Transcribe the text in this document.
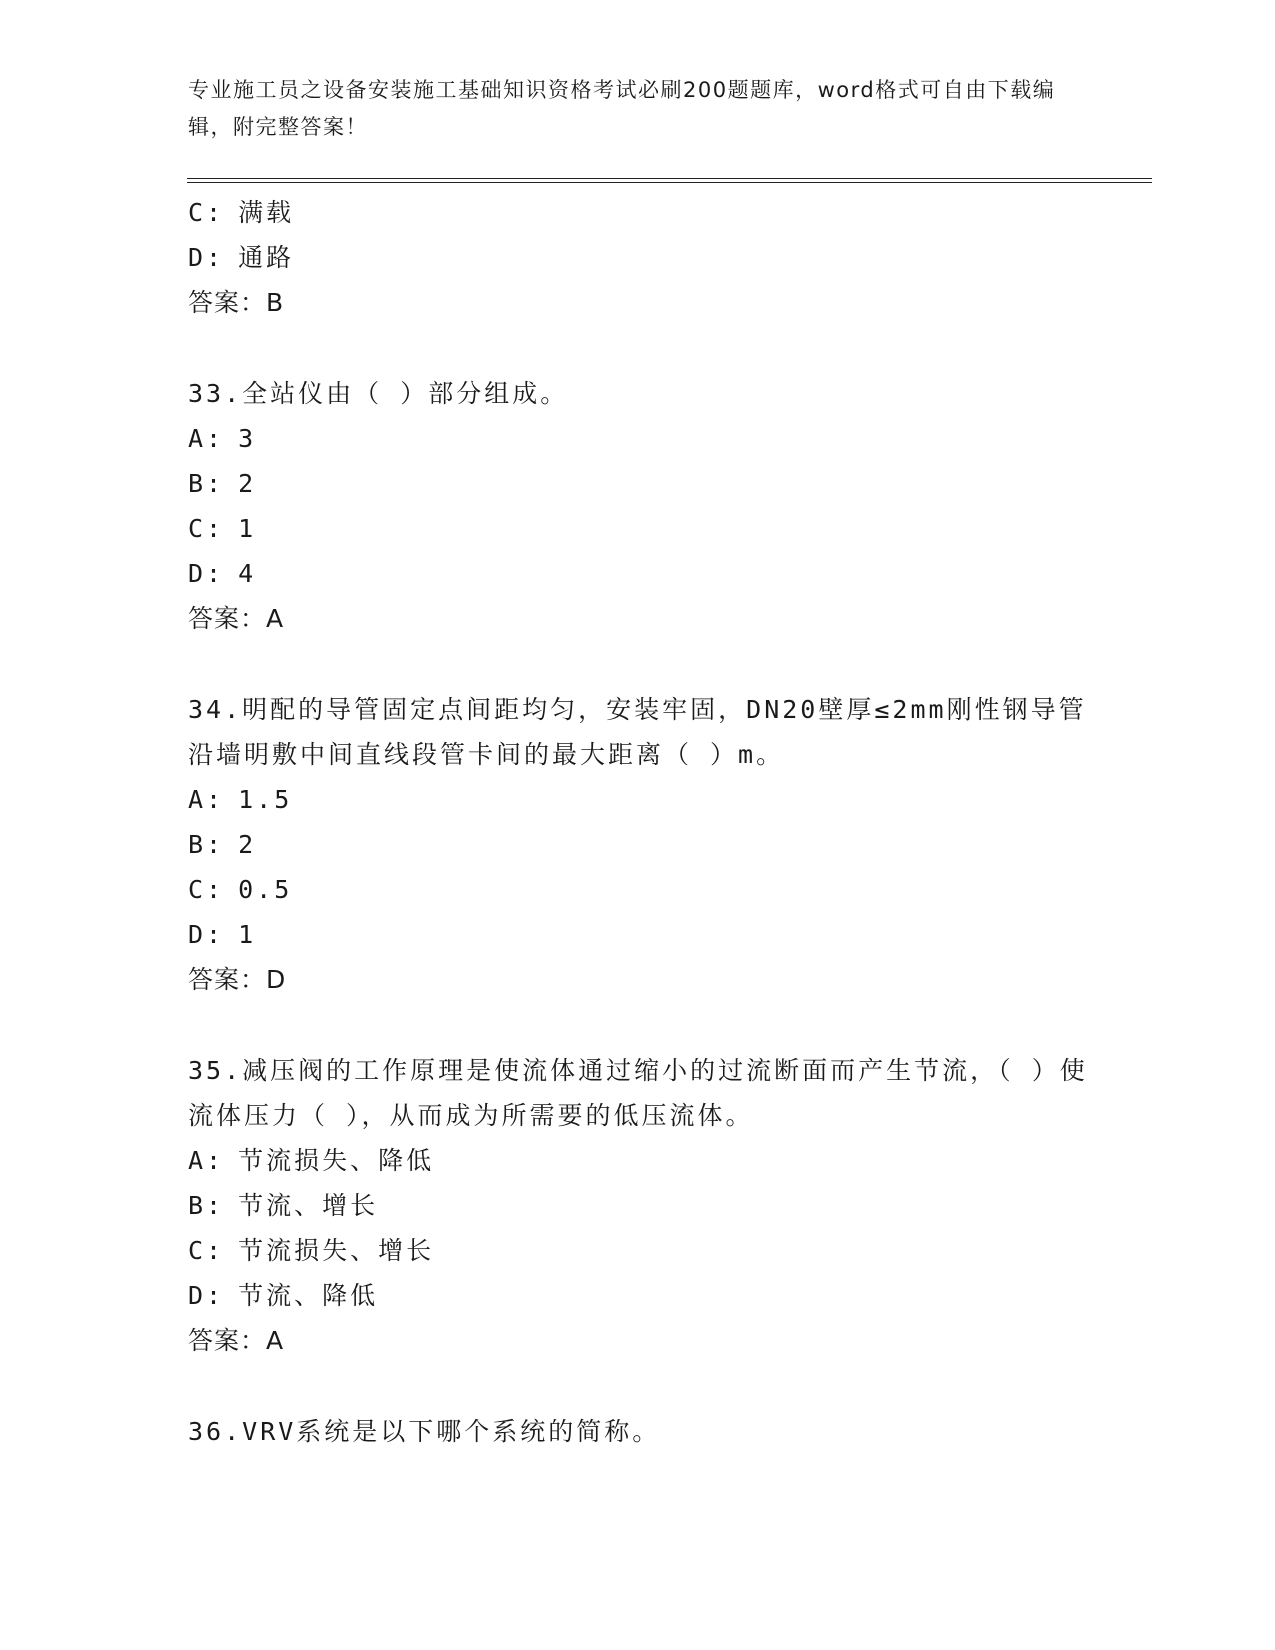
专业施工员之设备安装施工基础知识资格考试必刷200题题库，word格式可自由下载编辑，附完整答案！
C: 满载
D: 通路
答案：B
33.全站仪由（ ）部分组成。
A: 3
B: 2
C: 1
D: 4
答案：A
34.明配的导管固定点间距均匀，安装牢固，DN20壁厚≤2mm刚性钢导管沿墙明敷中间直线段管卡间的最大距离（ ）m。
A: 1.5
B: 2
C: 0.5
D: 1
答案：D
35.减压阀的工作原理是使流体通过缩小的过流断面而产生节流，（ ）使流体压力（ ），从而成为所需要的低压流体。
A: 节流损失、降低
B: 节流、增长
C: 节流损失、增长
D: 节流、降低
答案：A
36.VRV系统是以下哪个系统的简称。
